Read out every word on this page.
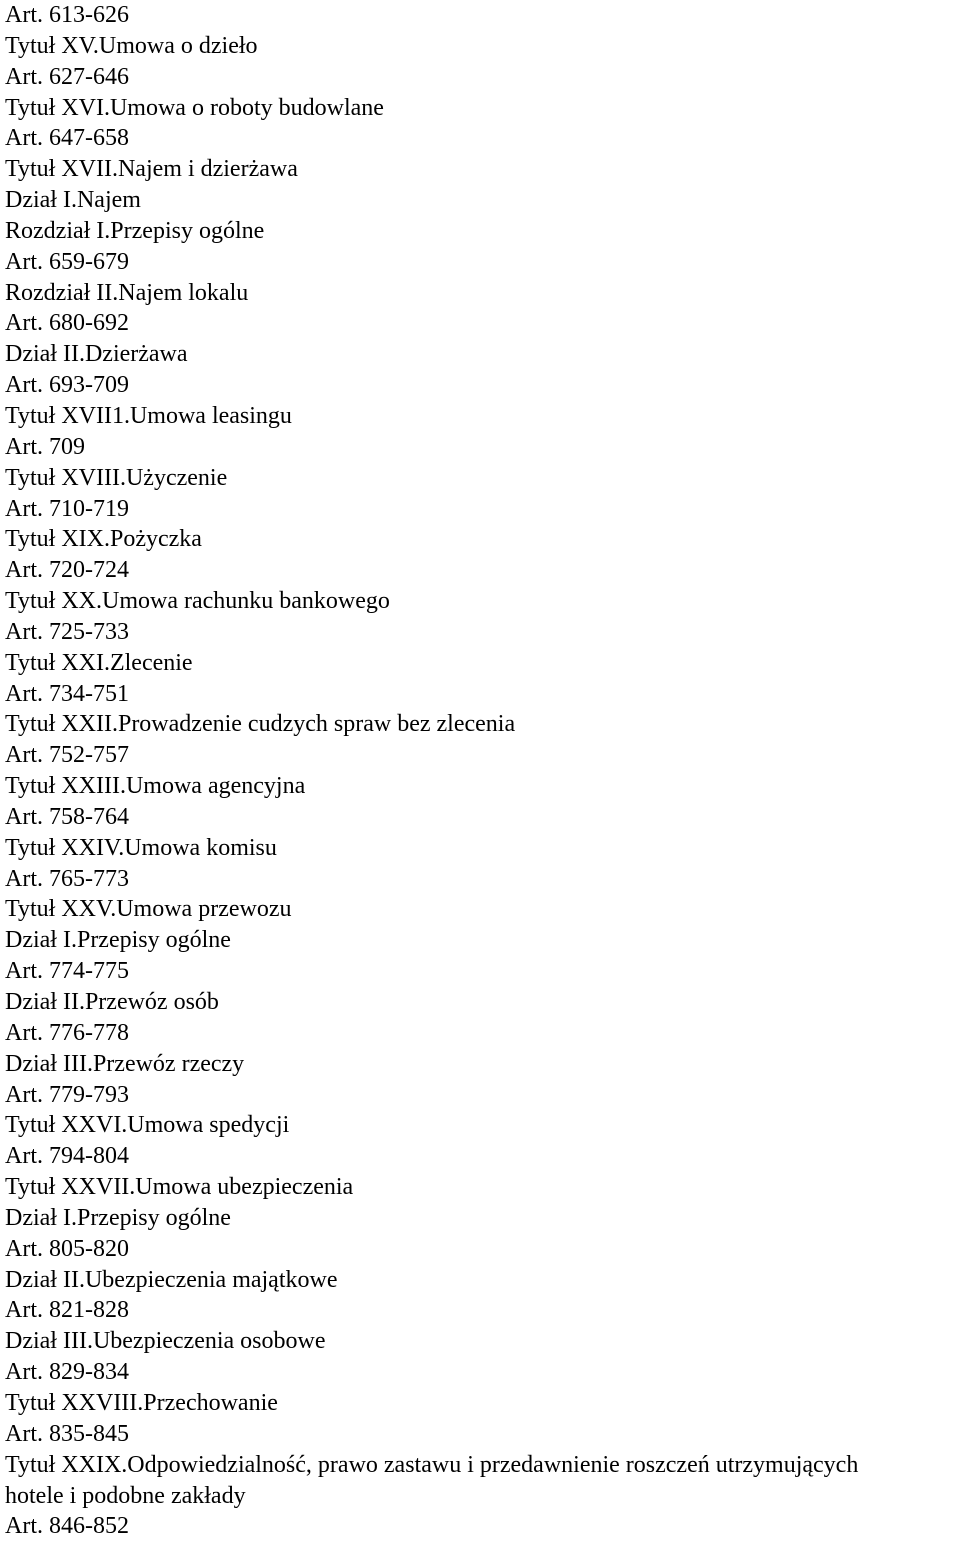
Art. 613-626
Tytuł XV.Umowa o dzieło
Art. 627-646
Tytuł XVI.Umowa o roboty budowlane
Art. 647-658
Tytuł XVII.Najem i dzierżawa
Dział I.Najem
Rozdział I.Przepisy ogólne
Art. 659-679
Rozdział II.Najem lokalu
Art. 680-692
Dział II.Dzierżawa
Art. 693-709
Tytuł XVII1.Umowa leasingu
Art. 709
Tytuł XVIII.Użyczenie
Art. 710-719
Tytuł XIX.Pożyczka
Art. 720-724
Tytuł XX.Umowa rachunku bankowego
Art. 725-733
Tytuł XXI.Zlecenie
Art. 734-751
Tytuł XXII.Prowadzenie cudzych spraw bez zlecenia
Art. 752-757
Tytuł XXIII.Umowa agencyjna
Art. 758-764
Tytuł XXIV.Umowa komisu
Art. 765-773
Tytuł XXV.Umowa przewozu
Dział I.Przepisy ogólne
Art. 774-775
Dział II.Przewóz osób
Art. 776-778
Dział III.Przewóz rzeczy
Art. 779-793
Tytuł XXVI.Umowa spedycji
Art. 794-804
Tytuł XXVII.Umowa ubezpieczenia
Dział I.Przepisy ogólne
Art. 805-820
Dział II.Ubezpieczenia majątkowe
Art. 821-828
Dział III.Ubezpieczenia osobowe
Art. 829-834
Tytuł XXVIII.Przechowanie
Art. 835-845
Tytuł XXIX.Odpowiedzialność, prawo zastawu i przedawnienie roszczeń utrzymujących
hotele i podobne zakłady
Art. 846-852
